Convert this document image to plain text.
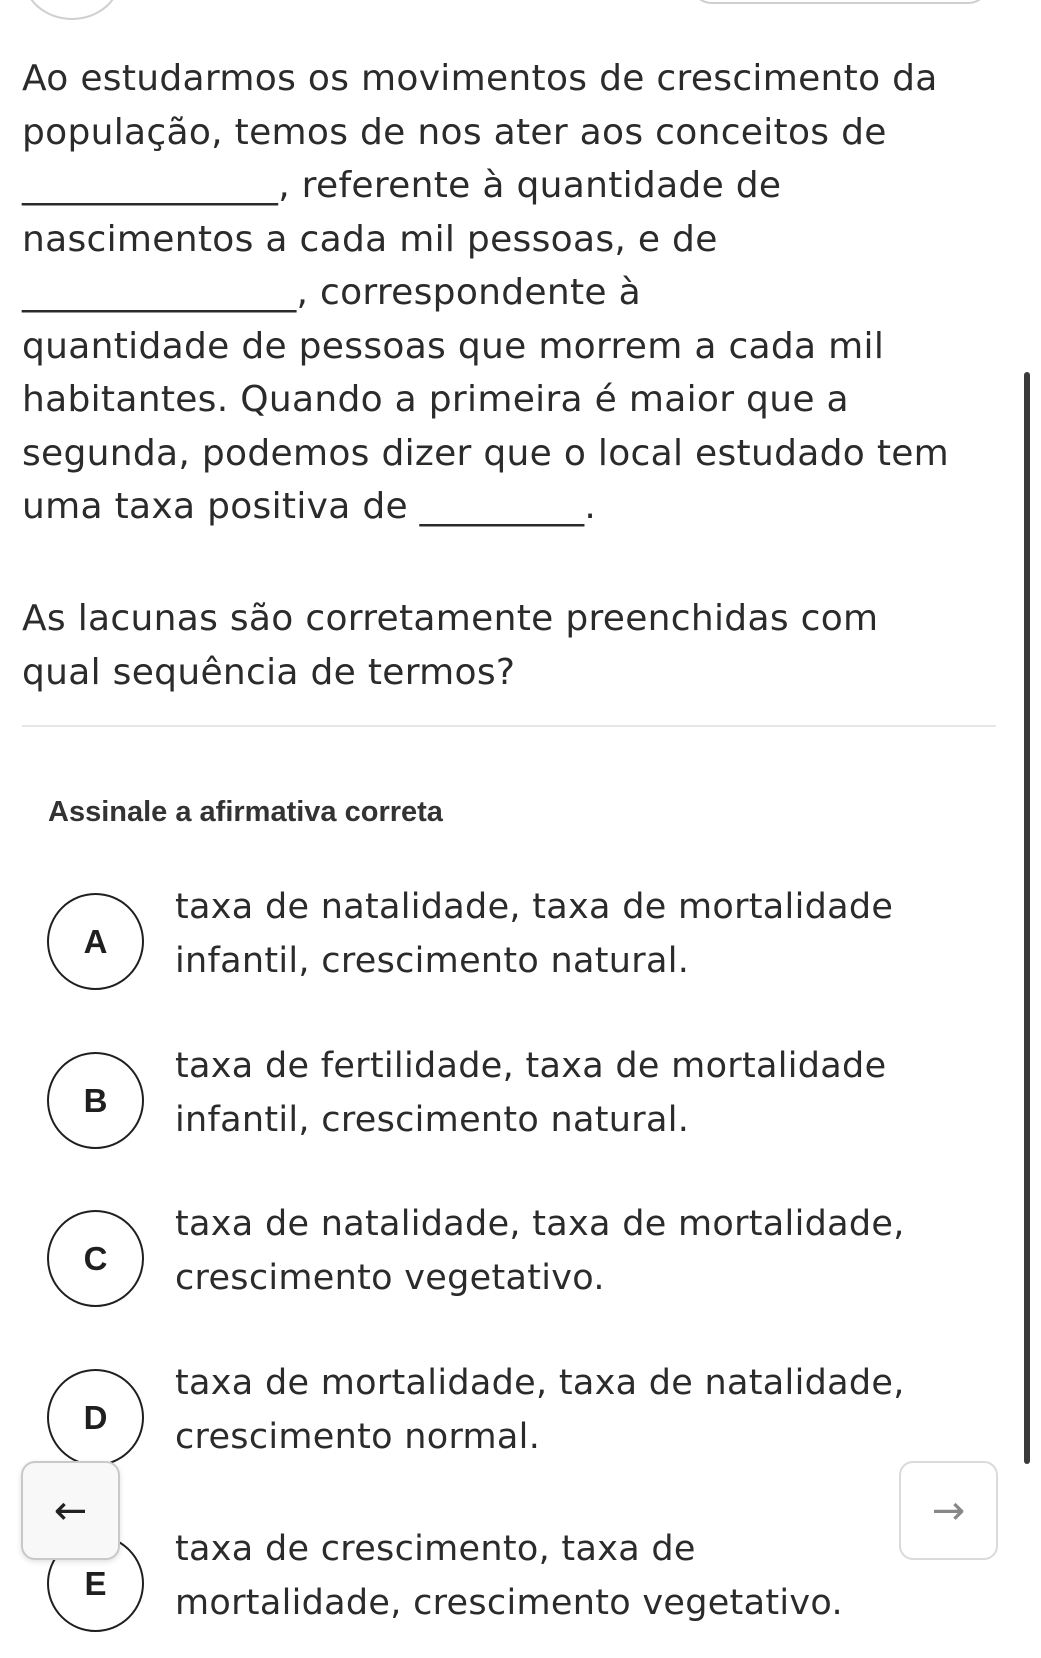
Ao estudarmos os movimentos de crescimento da

população, temos de nos ater aos conceitos de

______________, referente à quantidade de

nascimentos a cada mil pessoas, e de

_______________, correspondente à

quantidade de pessoas que morrem a cada mil

habitantes. Quando a primeira é maior que a

segunda, podemos dizer que o local estudado tem

uma taxa positiva de _________.

As lacunas são corretamente preenchidas com

qual sequência de termos?

Assinale a afirmativa correta
A

taxa de natalidade, taxa de mortalidade

infantil, crescimento natural.

B

taxa de fertilidade, taxa de mortalidade

infantil, crescimento natural.

C

taxa de natalidade, taxa de mortalidade,

crescimento vegetativo.

D

taxa de mortalidade, taxa de natalidade,

crescimento normal.

E

taxa de crescimento, taxa de

mortalidade, crescimento vegetativo.

←	→
